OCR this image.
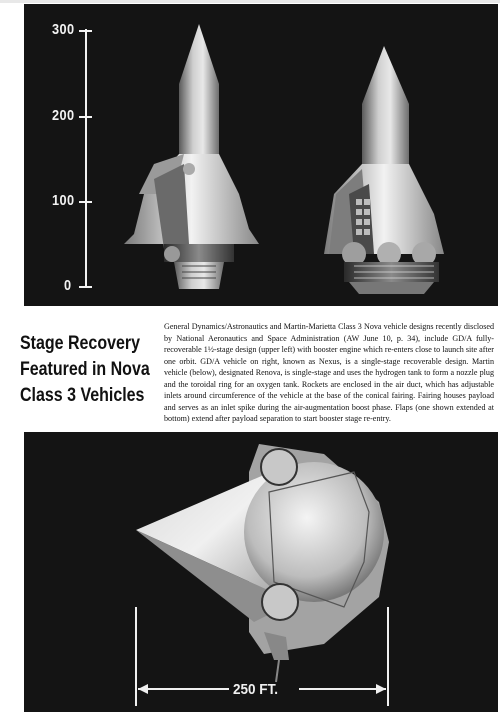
300
200
100
0
Stage Recovery
Featured in Nova
Class 3 Vehicles
General Dynamics/Astronautics and Martin-Marietta Class 3 Nova vehicle designs recently disclosed by National Aeronautics and Space Administration (AW June 10, p. 34), include GD/A fully-recoverable 1½-stage design (upper left) with booster engine which re-enters close to launch site after one orbit. GD/A vehicle on right, known as Nexus, is a single-stage recoverable design. Martin vehicle (below), designated Renova, is single-stage and uses the hydrogen tank to form a nozzle plug and the toroidal ring for an oxygen tank. Rockets are enclosed in the air duct, which has adjustable inlets around circumference of the vehicle at the base of the conical fairing. Fairing houses payload and serves as an inlet spike during the air-augmentation boost phase. Flaps (one shown extended at bottom) extend after payload separation to start booster stage re-entry.
250 FT.
